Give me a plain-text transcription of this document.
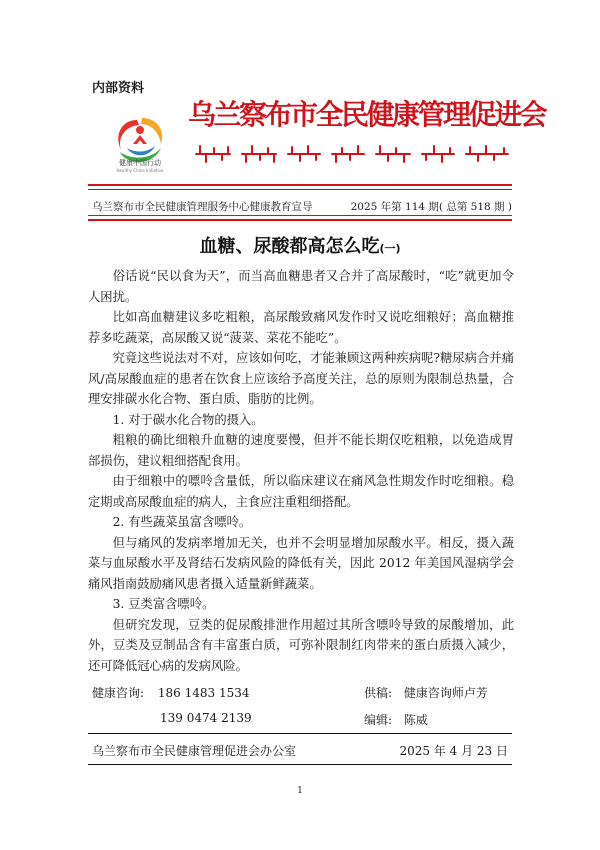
内部资料
健康中国行动
Healthy China Initiative
乌兰察布市全民健康管理促进会
乌兰察布市全民健康管理服务中心健康教育宣导	2025 年第 114 期( 总第 518 期 )
血糖、尿酸都高怎么吃(一)

俗话说“民以食为天”，而当高血糖患者又合并了高尿酸时，“吃”就更加令人困扰。

比如高血糖建议多吃粗粮，高尿酸致痛风发作时又说吃细粮好；高血糖推荐多吃蔬菜，高尿酸又说“菠菜、菜花不能吃”。

究竟这些说法对不对，应该如何吃，才能兼顾这两种疾病呢?糖尿病合并痛风/高尿酸血症的患者在饮食上应该给予高度关注，总的原则为限制总热量，合理安排碳水化合物、蛋白质、脂肪的比例。

1. 对于碳水化合物的摄入。

粗粮的确比细粮升血糖的速度要慢，但并不能长期仅吃粗粮，以免造成胃部损伤，建议粗细搭配食用。

由于细粮中的嘌呤含量低，所以临床建议在痛风急性期发作时吃细粮。稳定期或高尿酸血症的病人，主食应注重粗细搭配。

2. 有些蔬菜虽富含嘌呤。

但与痛风的发病率增加无关，也并不会明显增加尿酸水平。相反，摄入蔬菜与血尿酸水平及肾结石发病风险的降低有关，因此 2012 年美国风湿病学会痛风指南鼓励痛风患者摄入适量新鲜蔬菜。

3. 豆类富含嘌呤。

但研究发现，豆类的促尿酸排泄作用超过其所含嘌呤导致的尿酸增加，此外，豆类及豆制品含有丰富蛋白质，可弥补限制红肉带来的蛋白质摄入减少，还可降低冠心病的发病风险。

健康咨询: 186 1483 1534
139 0474 2139
供稿: 健康咨询师卢芳
编辑: 陈威
乌兰察布市全民健康管理促进会办公室	2025 年 4 月 23 日
1
